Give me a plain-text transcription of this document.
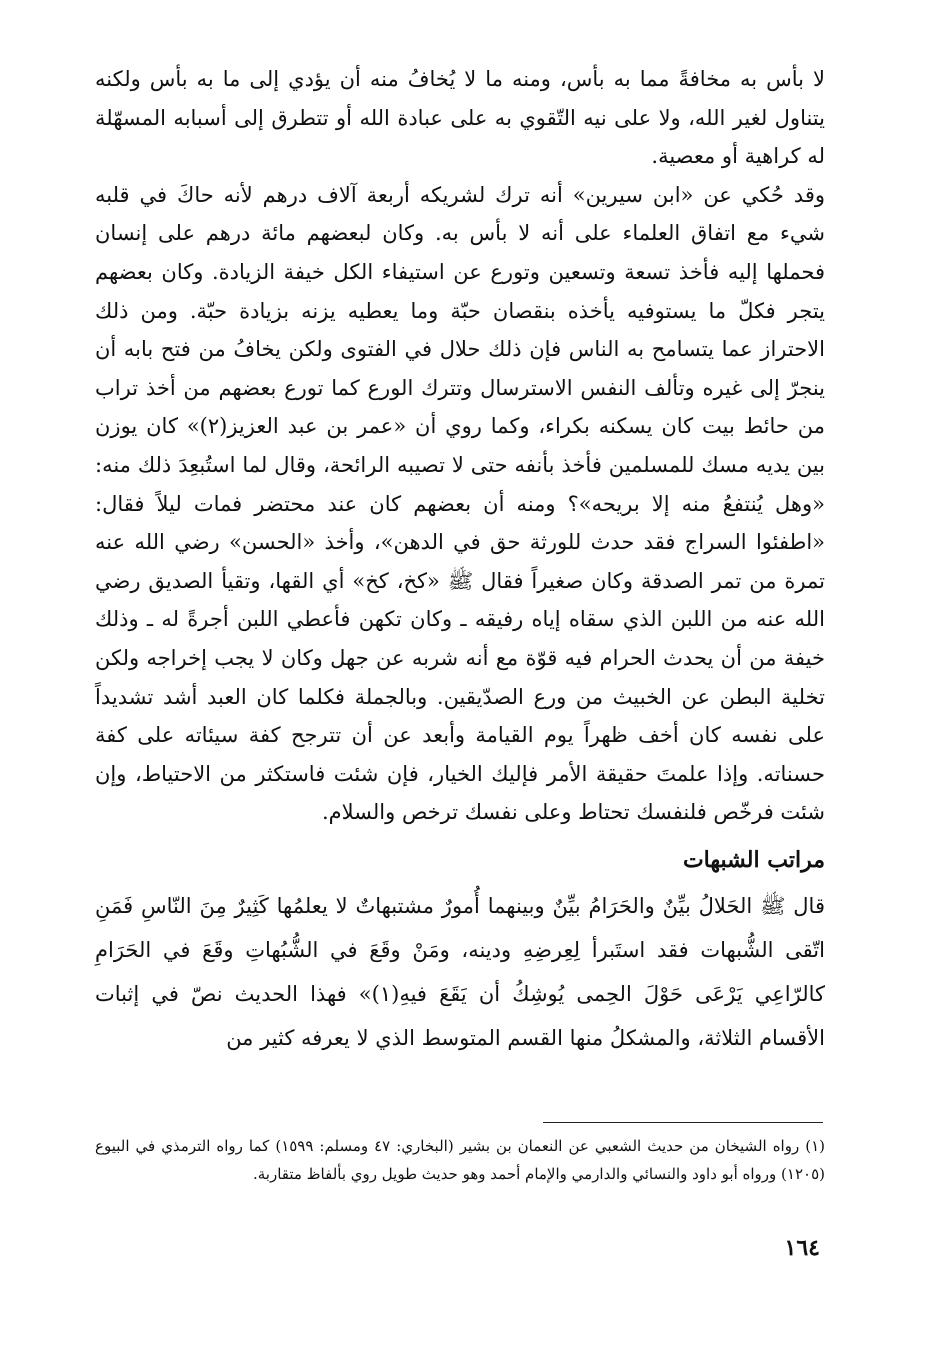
لا بأس به مخافةً مما به بأس، ومنه ما لا يُخافُ منه أن يؤدي إلى ما به بأس ولكنه يتناول لغير الله، ولا على نيه التّقوي به على عبادة الله أو تتطرق إلى أسبابه المسهّلة له كراهية أو معصية.

وقد حُكي عن «ابن سيرين» أنه ترك لشريكه أربعة آلاف درهم لأنه حاكَ في قلبه شيء مع اتفاق العلماء على أنه لا بأس به. وكان لبعضهم مائة درهم على إنسان فحملها إليه فأخذ تسعة وتسعين وتورع عن استيفاء الكل خيفة الزيادة. وكان بعضهم يتجر فكلّ ما يستوفيه يأخذه بنقصان حبّة وما يعطيه يزنه بزيادة حبّة. ومن ذلك الاحتراز عما يتسامح به الناس فإن ذلك حلال في الفتوى ولكن يخافُ من فتح بابه أن ينجرّ إلى غيره وتألف النفس الاسترسال وتترك الورع كما تورع بعضهم من أخذ تراب من حائط بيت كان يسكنه بكراء، وكما روي أن «عمر بن عبد العزيز(٢)» كان يوزن بين يديه مسك للمسلمين فأخذ بأنفه حتى لا تصيبه الرائحة، وقال لما استُبعِدَ ذلك منه: «وهل يُنتفعُ منه إلا بريحه»؟ ومنه أن بعضهم كان عند محتضر فمات ليلاً فقال: «اطفئوا السراج فقد حدث للورثة حق في الدهن»، وأخذ «الحسن» رضي الله عنه تمرة من تمر الصدقة وكان صغيراً فقال ﷺ «كخ، كخ» أي القها، وتقيأ الصديق رضي الله عنه من اللبن الذي سقاه إياه رفيقه ـ وكان تكهن فأعطي اللبن أجرةً له ـ وذلك خيفة من أن يحدث الحرام فيه قوّة مع أنه شربه عن جهل وكان لا يجب إخراجه ولكن تخلية البطن عن الخبيث من ورع الصدّيقين. وبالجملة فكلما كان العبد أشد تشديداً على نفسه كان أخف ظهراً يوم القيامة وأبعد عن أن تترجح كفة سيئاته على كفة حسناته. وإذا علمتَ حقيقة الأمر فإليك الخيار، فإن شئت فاستكثر من الاحتياط، وإن شئت فرخّص فلنفسك تحتاط وعلى نفسك ترخص والسلام.

مراتب الشبهات

قال ﷺ الحَلالُ بيِّنٌ والحَرَامُ بيِّنٌ وبينهما أُمورٌ مشتبهاتٌ لا يعلمُها كَثِيرٌ مِنَ النّاسِ فَمَنِ اتّقى الشُّبهات فقد استَبرأ لِعِرضِهِ ودينه، ومَنْ وقَعَ في الشُّبُهاتِ وقَعَ في الحَرَامِ كالرّاعِي يَرْعَى حَوْلَ الحِمى يُوشِكُ أن يَقَعَ فيهِ(١)» فهذا الحديث نصّ في إثبات الأقسام الثلاثة، والمشكلُ منها القسم المتوسط الذي لا يعرفه كثير من

(١) رواه الشيخان من حديث الشعبي عن النعمان بن بشير (البخاري: ٤٧ ومسلم: ١٥٩٩) كما رواه الترمذي في البيوع (١٢٠٥) ورواه أبو داود والنسائي والدارمي والإمام أحمد وهو حديث طويل روي بألفاظ متقاربة.

١٦٤
